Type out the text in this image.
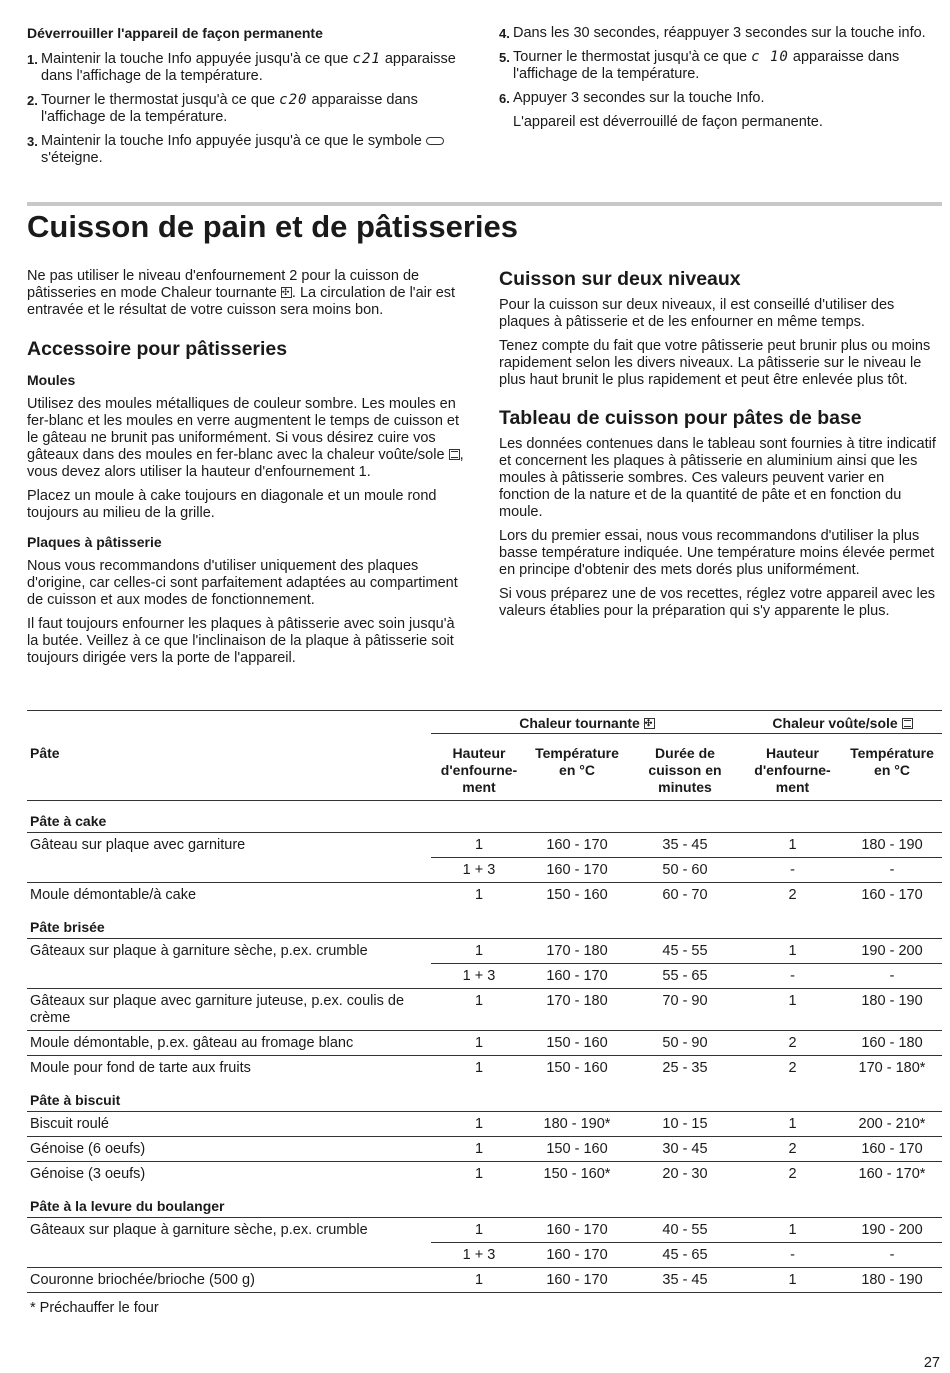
Déverrouiller l'appareil de façon permanente
1. Maintenir la touche Info appuyée jusqu'à ce que c21 apparaisse dans l'affichage de la température.
2. Tourner le thermostat jusqu'à ce que c20 apparaisse dans l'affichage de la température.
3. Maintenir la touche Info appuyée jusqu'à ce que le symbole  s'éteigne.
4. Dans les 30 secondes, réappuyer 3 secondes sur la touche info.
5. Tourner le thermostat jusqu'à ce que c 10 apparaisse dans l'affichage de la température.
6. Appuyer 3 secondes sur la touche Info.

L'appareil est déverrouillé de façon permanente.

Cuisson de pain et de pâtisseries

Ne pas utiliser le niveau d'enfournement 2 pour la cuisson de pâtisseries en mode Chaleur tournante ✣ . La circulation de l'air est entravée et le résultat de votre cuisson sera moins bon.

Accessoire pour pâtisseries
Moules

Utilisez des moules métalliques de couleur sombre. Les moules en fer-blanc et les moules en verre augmentent le temps de cuisson et le gâteau ne brunit pas uniformément. Si vous désirez cuire vos gâteaux dans des moules en fer-blanc avec la chaleur voûte/sole , vous devez alors utiliser la hauteur d'enfournement 1.

Placez un moule à cake toujours en diagonale et un moule rond toujours au milieu de la grille.

Plaques à pâtisserie

Nous vous recommandons d'utiliser uniquement des plaques d'origine, car celles-ci sont parfaitement adaptées au compartiment de cuisson et aux modes de fonctionnement.

Il faut toujours enfourner les plaques à pâtisserie avec soin jusqu'à la butée. Veillez à ce que l'inclinaison de la plaque à pâtisserie soit toujours dirigée vers la porte de l'appareil.

Cuisson sur deux niveaux

Pour la cuisson sur deux niveaux, il est conseillé d'utiliser des plaques à pâtisserie et de les enfourner en même temps.

Tenez compte du fait que votre pâtisserie peut brunir plus ou moins rapidement selon les divers niveaux. La pâtisserie sur le niveau le plus haut brunit le plus rapidement et peut être enlevée plus tôt.

Tableau de cuisson pour pâtes de base

Les données contenues dans le tableau sont fournies à titre indicatif et concernent les plaques à pâtisserie en aluminium ainsi que les moules à pâtisserie sombres. Ces valeurs peuvent varier en fonction de la nature et de la quantité de pâte et en fonction du moule.

Lors du premier essai, nous vous recommandons d'utiliser la plus basse température indiquée. Une température moins élevée permet en principe d'obtenir des mets dorés plus uniformément.

Si vous préparez une de vos recettes, réglez votre appareil avec les valeurs établies pour la préparation qui s'y apparente le plus.

	Chaleur tournante ✣			Chaleur voûte/sole	
Pâte	Hauteur d'enfourne-ment	Température en °C	Durée de cuisson en minutes	Hauteur d'enfourne-ment	Température en °C
Pâte à cake					
Gâteau sur plaque avec garniture	1	160 - 170	35 - 45	1	180 - 190
	1 + 3	160 - 170	50 - 60	-	-
Moule démontable/à cake	1	150 - 160	60 - 70	2	160 - 170
Pâte brisée					
Gâteaux sur plaque à garniture sèche, p.ex. crumble	1	170 - 180	45 - 55	1	190 - 200
	1 + 3	160 - 170	55 - 65	-	-
Gâteaux sur plaque avec garniture juteuse, p.ex. coulis de crème	1	170 - 180	70 - 90	1	180 - 190
Moule démontable, p.ex. gâteau au fromage blanc	1	150 - 160	50 - 90	2	160 - 180
Moule pour fond de tarte aux fruits	1	150 - 160	25 - 35	2	170 - 180*
Pâte à biscuit					
Biscuit roulé	1	180 - 190*	10 - 15	1	200 - 210*
Génoise (6 oeufs)	1	150 - 160	30 - 45	2	160 - 170
Génoise (3 oeufs)	1	150 - 160*	20 - 30	2	160 - 170*
Pâte à la levure du boulanger					
Gâteaux sur plaque à garniture sèche, p.ex. crumble	1	160 - 170	40 - 55	1	190 - 200
	1 + 3	160 - 170	45 - 65	-	-
Couronne briochée/brioche (500 g)	1	160 - 170	35 - 45	1	180 - 190
* Préchauffer le four
27
